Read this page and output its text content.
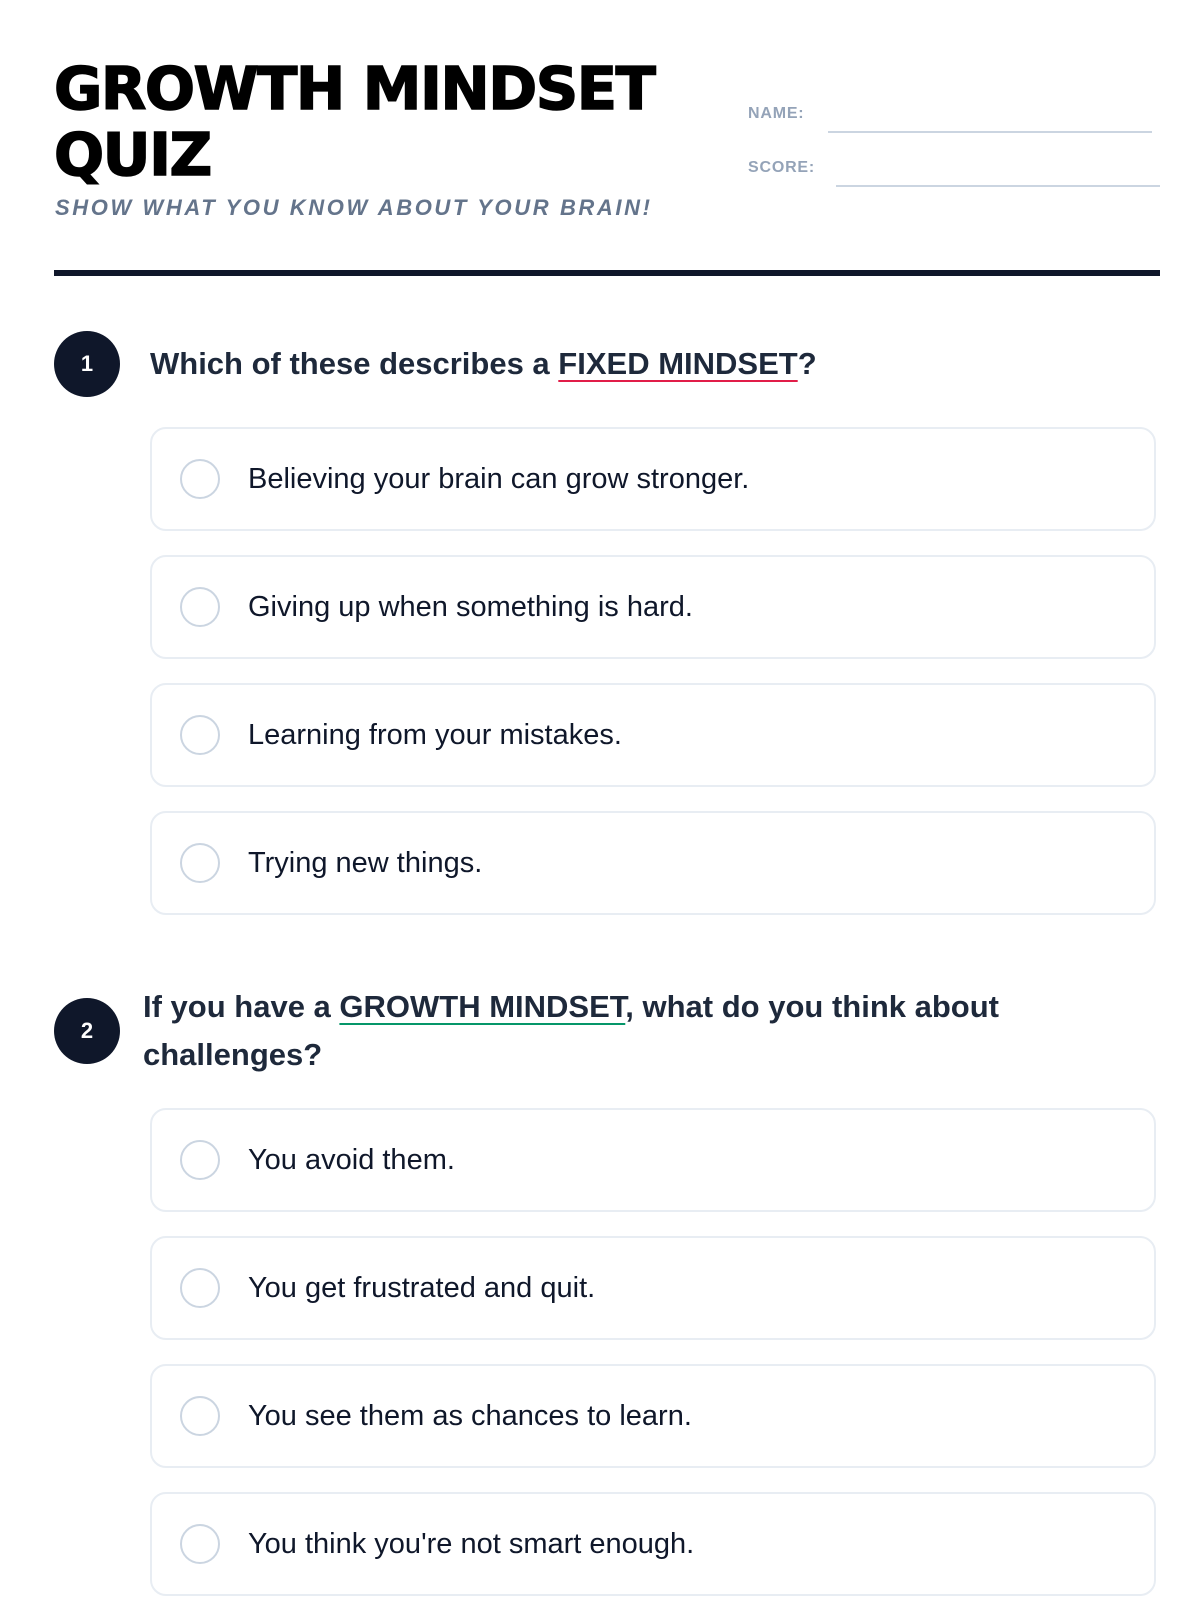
GROWTH MINDSET QUIZ

SHOW WHAT YOU KNOW ABOUT YOUR BRAIN!

NAME:
SCORE:
1	Which of these describes a FIXED MINDSET?

Believing your brain can grow stronger.
Giving up when something is hard.
Learning from your mistakes.
Trying new things.
2

If you have a GROWTH MINDSET, what do you think about challenges?

You avoid them.
You get frustrated and quit.
You see them as chances to learn.
You think you're not smart enough.
